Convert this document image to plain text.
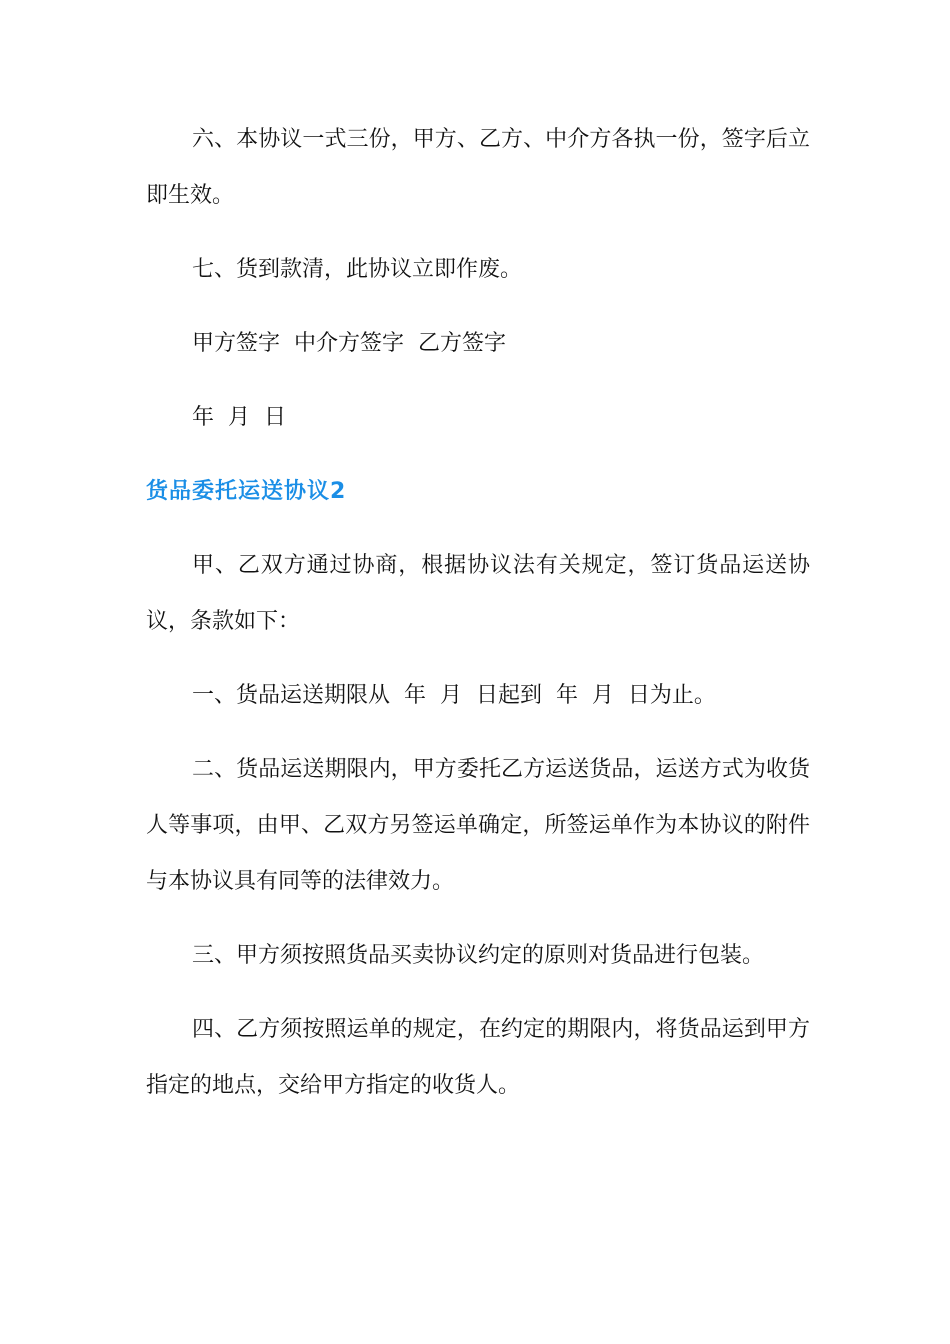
六、本协议一式三份，甲方、乙方、中介方各执一份，签字后立即生效。

七、货到款清，此协议立即作废。

甲方签字  中介方签字  乙方签字

年  月  日

货品委托运送协议2

甲、乙双方通过协商，根据协议法有关规定，签订货品运送协议，条款如下：

一、货品运送期限从  年  月  日起到  年  月  日为止。

二、货品运送期限内，甲方委托乙方运送货品，运送方式为收货人等事项，由甲、乙双方另签运单确定，所签运单作为本协议的附件与本协议具有同等的法律效力。

三、甲方须按照货品买卖协议约定的原则对货品进行包装。

四、乙方须按照运单的规定，在约定的期限内，将货品运到甲方指定的地点，交给甲方指定的收货人。
